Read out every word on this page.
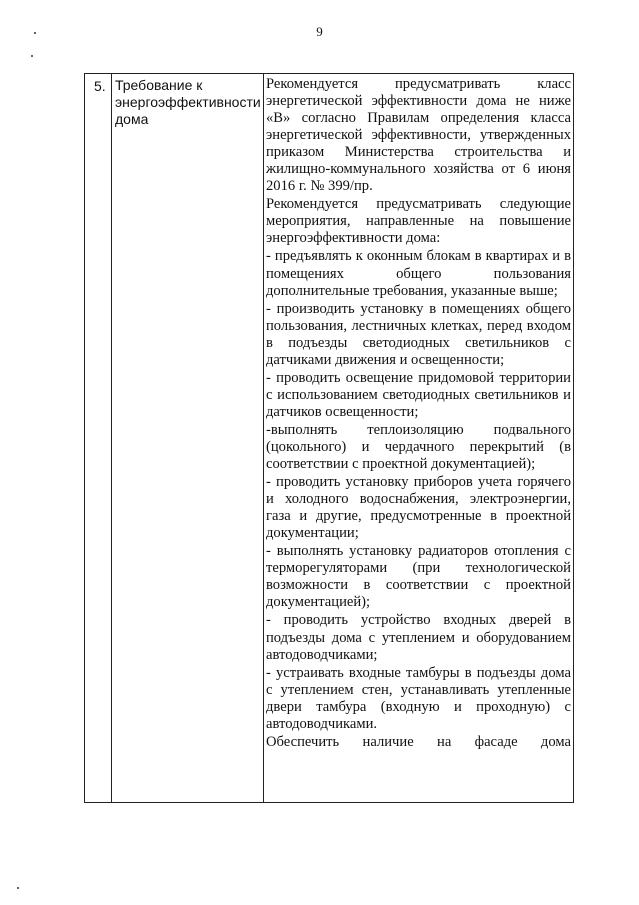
9
5. Требование к энергоэффективности дома

Рекомендуется предусматривать класс энергетической эффективности дома не ниже «В» согласно Правилам определения класса энергетической эффективности, утвержденных приказом Министерства строительства и жилищно-коммунального хозяйства от 6 июня 2016 г. № 399/пр.

Рекомендуется предусматривать следующие мероприятия, направленные на повышение энергоэффективности дома:

- предъявлять к оконным блокам в квартирах и в помещениях общего пользования дополнительные требования, указанные выше;

- производить установку в помещениях общего пользования, лестничных клетках, перед входом в подъезды светодиодных светильников с датчиками движения и освещенности;

- проводить освещение придомовой территории с использованием светодиодных светильников и датчиков освещенности;

-выполнять теплоизоляцию подвального (цокольного) и чердачного перекрытий (в соответствии с проектной документацией);

- проводить установку приборов учета горячего и холодного водоснабжения, электроэнергии, газа и другие, предусмотренные в проектной документации;

- выполнять установку радиаторов отопления с терморегуляторами (при технологической возможности в соответствии с проектной документацией);

- проводить устройство входных дверей в подъезды дома с утеплением и оборудованием автодоводчиками;

- устраивать входные тамбуры в подъезды дома с утеплением стен, устанавливать утепленные двери тамбура (входную и проходную) с автодоводчиками.

Обеспечить наличие на фасаде дома
